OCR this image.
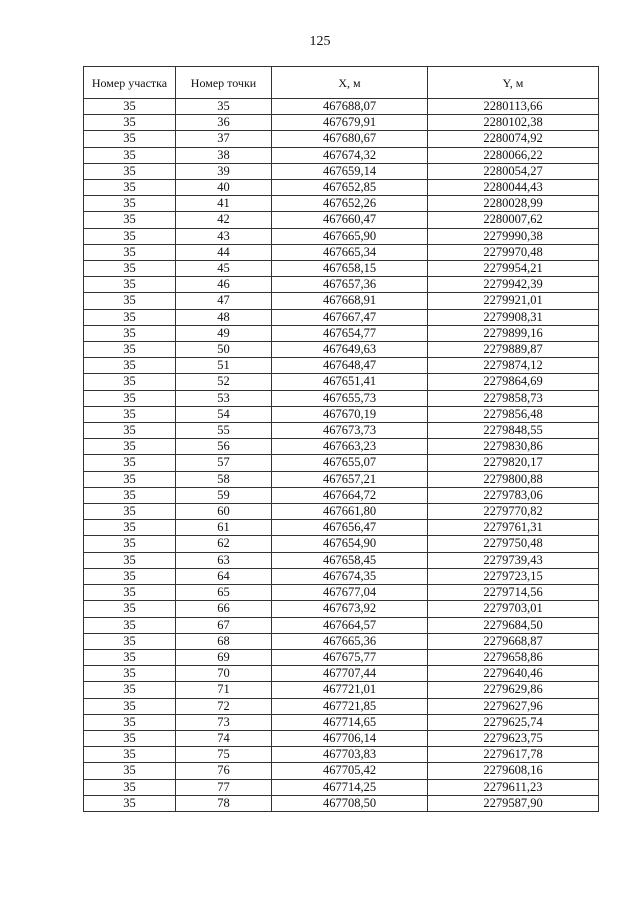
125
Номер участка	Номер точки	X, м	Y, м
35	35	467688,07	2280113,66
35	36	467679,91	2280102,38
35	37	467680,67	2280074,92
35	38	467674,32	2280066,22
35	39	467659,14	2280054,27
35	40	467652,85	2280044,43
35	41	467652,26	2280028,99
35	42	467660,47	2280007,62
35	43	467665,90	2279990,38
35	44	467665,34	2279970,48
35	45	467658,15	2279954,21
35	46	467657,36	2279942,39
35	47	467668,91	2279921,01
35	48	467667,47	2279908,31
35	49	467654,77	2279899,16
35	50	467649,63	2279889,87
35	51	467648,47	2279874,12
35	52	467651,41	2279864,69
35	53	467655,73	2279858,73
35	54	467670,19	2279856,48
35	55	467673,73	2279848,55
35	56	467663,23	2279830,86
35	57	467655,07	2279820,17
35	58	467657,21	2279800,88
35	59	467664,72	2279783,06
35	60	467661,80	2279770,82
35	61	467656,47	2279761,31
35	62	467654,90	2279750,48
35	63	467658,45	2279739,43
35	64	467674,35	2279723,15
35	65	467677,04	2279714,56
35	66	467673,92	2279703,01
35	67	467664,57	2279684,50
35	68	467665,36	2279668,87
35	69	467675,77	2279658,86
35	70	467707,44	2279640,46
35	71	467721,01	2279629,86
35	72	467721,85	2279627,96
35	73	467714,65	2279625,74
35	74	467706,14	2279623,75
35	75	467703,83	2279617,78
35	76	467705,42	2279608,16
35	77	467714,25	2279611,23
35	78	467708,50	2279587,90
